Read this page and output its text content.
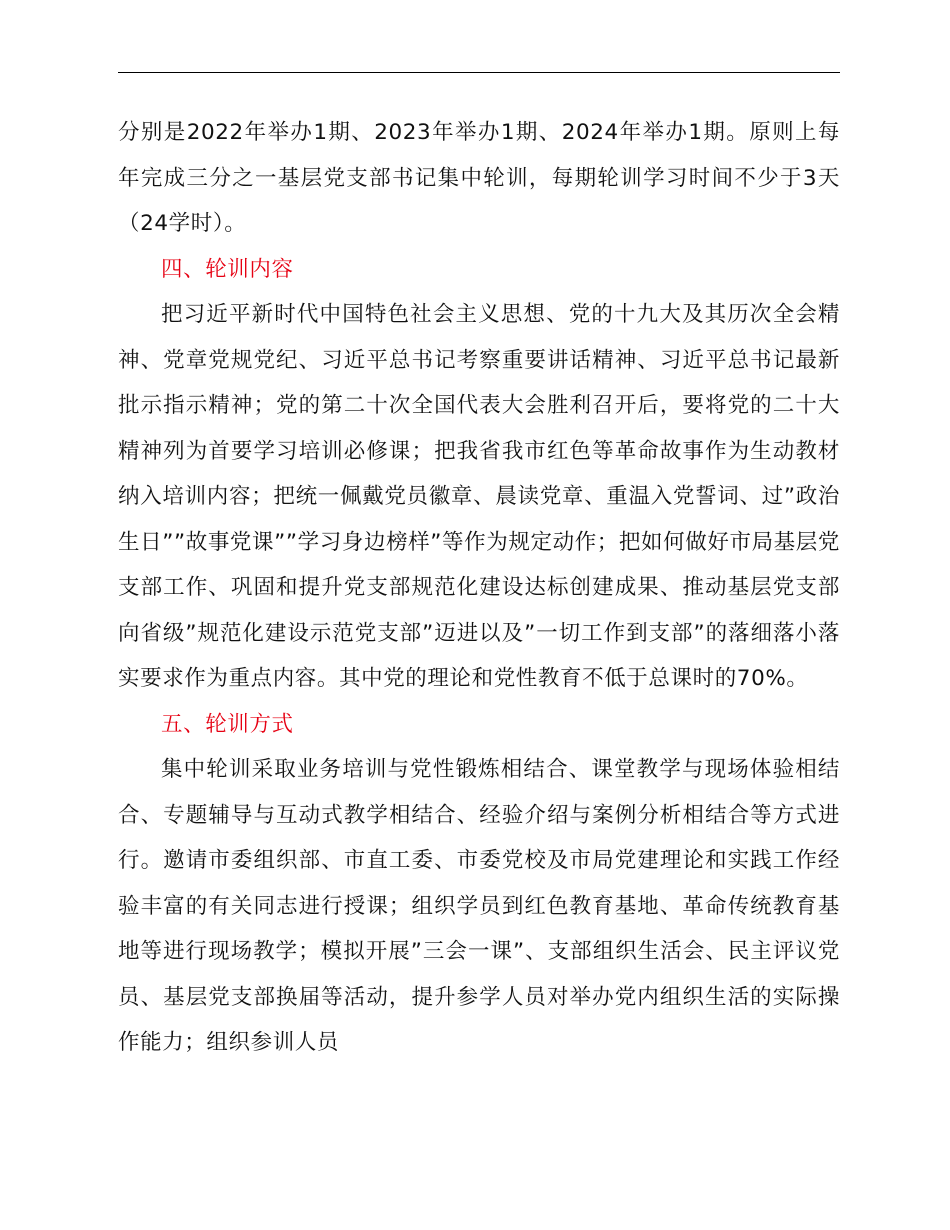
分别是2022年举办1期、2023年举办1期、2024年举办1期。原则上每年完成三分之一基层党支部书记集中轮训，每期轮训学习时间不少于3天（24学时）。

四、轮训内容

把习近平新时代中国特色社会主义思想、党的十九大及其历次全会精神、党章党规党纪、习近平总书记考察重要讲话精神、习近平总书记最新批示指示精神；党的第二十次全国代表大会胜利召开后，要将党的二十大精神列为首要学习培训必修课；把我省我市红色等革命故事作为生动教材纳入培训内容；把统一佩戴党员徽章、晨读党章、重温入党誓词、过”政治生日””故事党课””学习身边榜样”等作为规定动作；把如何做好市局基层党支部工作、巩固和提升党支部规范化建设达标创建成果、推动基层党支部向省级”规范化建设示范党支部”迈进以及”一切工作到支部”的落细落小落实要求作为重点内容。其中党的理论和党性教育不低于总课时的70%。

五、轮训方式

集中轮训采取业务培训与党性锻炼相结合、课堂教学与现场体验相结合、专题辅导与互动式教学相结合、经验介绍与案例分析相结合等方式进行。邀请市委组织部、市直工委、市委党校及市局党建理论和实践工作经验丰富的有关同志进行授课；组织学员到红色教育基地、革命传统教育基地等进行现场教学；模拟开展”三会一课”、支部组织生活会、民主评议党员、基层党支部换届等活动，提升参学人员对举办党内组织生活的实际操作能力；组织参训人员
